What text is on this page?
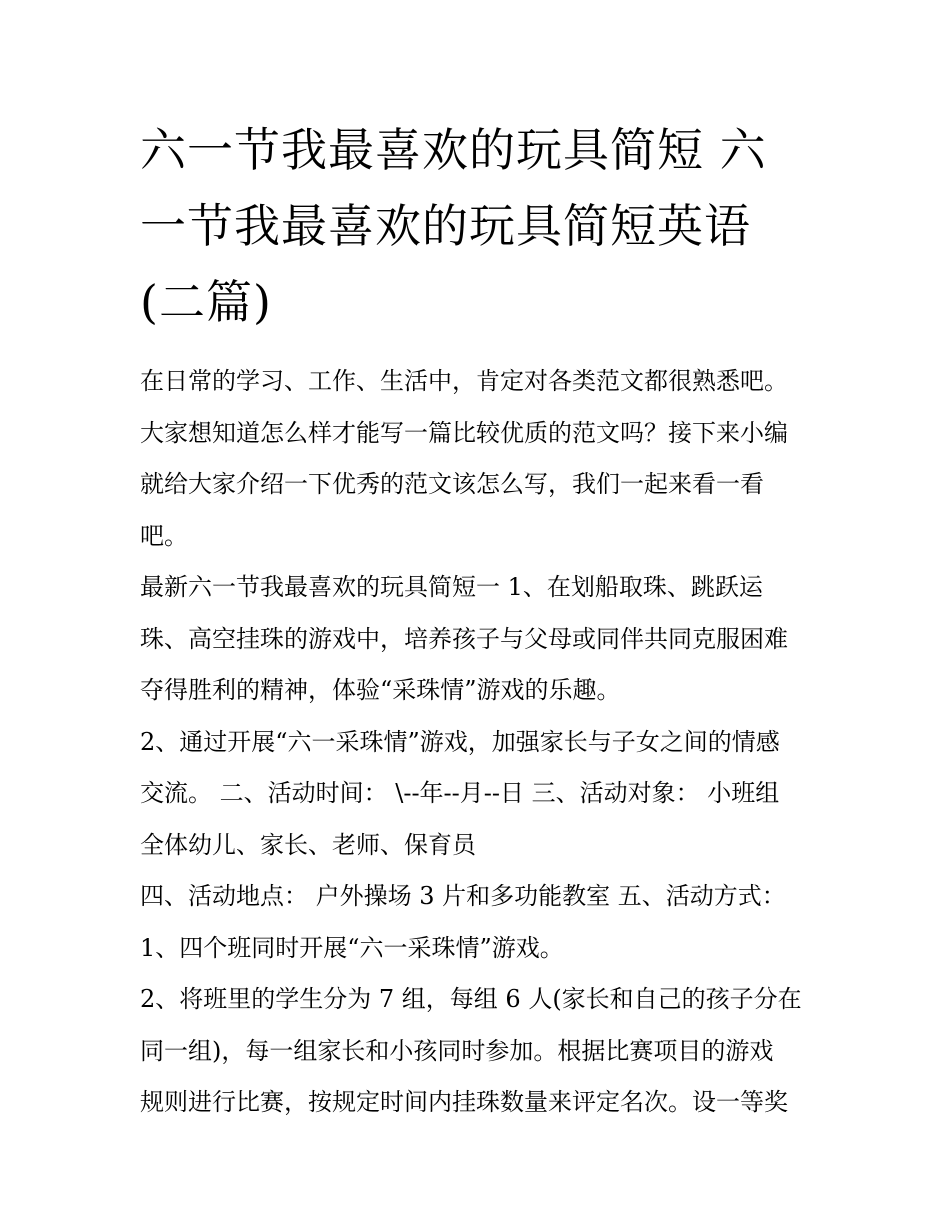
六一节我最喜欢的玩具简短 六
一节我最喜欢的玩具简短英语
(二篇)
在日常的学习、工作、生活中，肯定对各类范文都很熟悉吧。
大家想知道怎么样才能写一篇比较优质的范文吗？接下来小编
就给大家介绍一下优秀的范文该怎么写，我们一起来看一看
吧。
最新六一节我最喜欢的玩具简短一 1、在划船取珠、跳跃运
珠、高空挂珠的游戏中，培养孩子与父母或同伴共同克服困难
夺得胜利的精神，体验“采珠情”游戏的乐趣。
2、通过开展“六一采珠情”游戏，加强家长与子女之间的情感
交流。 二、活动时间： \--年--月--日 三、活动对象： 小班组
全体幼儿、家长、老师、保育员
四、活动地点： 户外操场 3 片和多功能教室 五、活动方式：
1、四个班同时开展“六一采珠情”游戏。
2、将班里的学生分为 7 组，每组 6 人(家长和自己的孩子分在
同一组)，每一组家长和小孩同时参加。根据比赛项目的游戏
规则进行比赛，按规定时间内挂珠数量来评定名次。设一等奖
